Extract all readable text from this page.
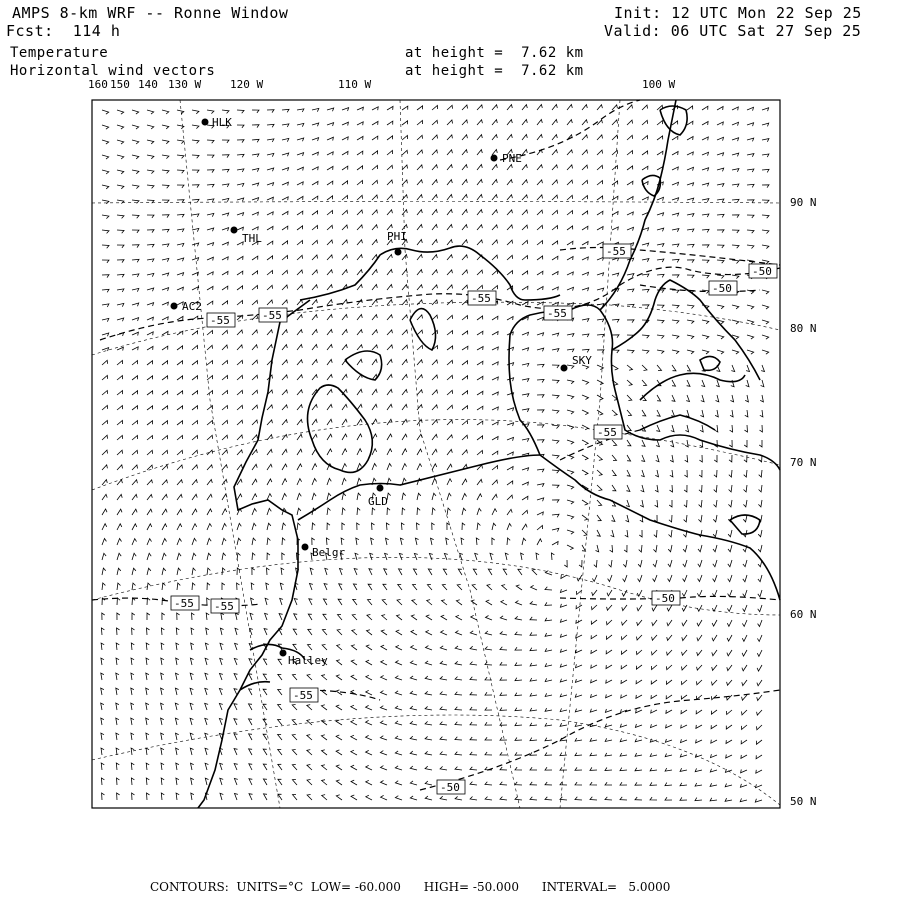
AMPS 8-km WRF -- Ronne Window
Fcst:  114 h
Temperature
Horizontal wind vectors
at height =  7.62 km
at height =  7.62 km
Init: 12 UTC Mon 22 Sep 25
Valid: 06 UTC Sat 27 Sep 25
160 150 140 130 W	120 W	110 W	100 W
90 N
80 N
70 N
60 N
50 N
HLK
PNE
THL	PHI
AC2
SKY
GLD
Belgr
Halley
-55	-55
-55
-55
-55
-50
-50
-55
-55 -55
-50
-55
-50
CONTOURS:  UNITS=°C  LOW= -60.000      HIGH= -50.000      INTERVAL=   5.0000
